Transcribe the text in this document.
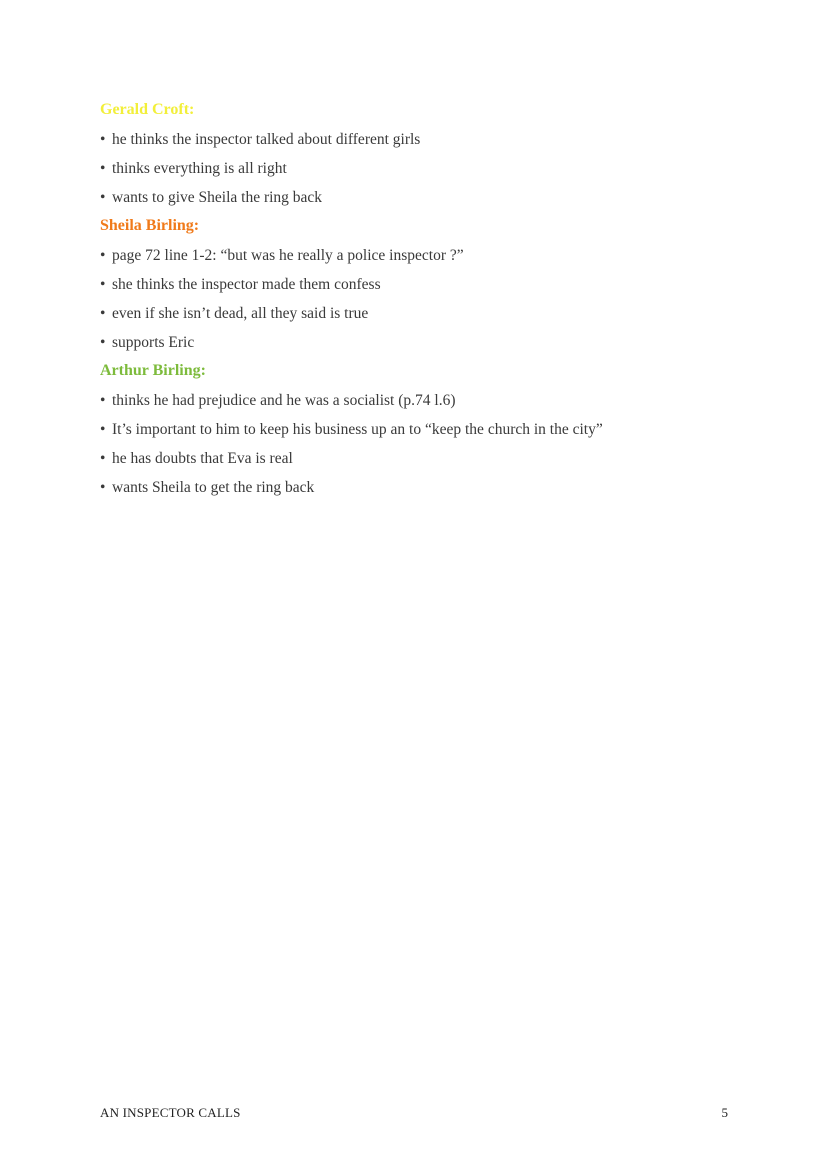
Gerald Croft:
• he thinks the inspector talked about different girls
• thinks everything is all right
• wants to give Sheila the ring back
Sheila Birling:
• page 72 line 1-2: “but was he really a police inspector ?”
• she thinks the inspector made them confess
• even if she isn’t dead, all they said is true
• supports Eric
Arthur Birling:
• thinks he had prejudice and he was a socialist (p.74 l.6)
• It’s important to him to keep his business up an to “keep the church in the city”
• he has doubts that Eva is real
• wants Sheila to get the ring back
AN INSPECTOR CALLS	5
